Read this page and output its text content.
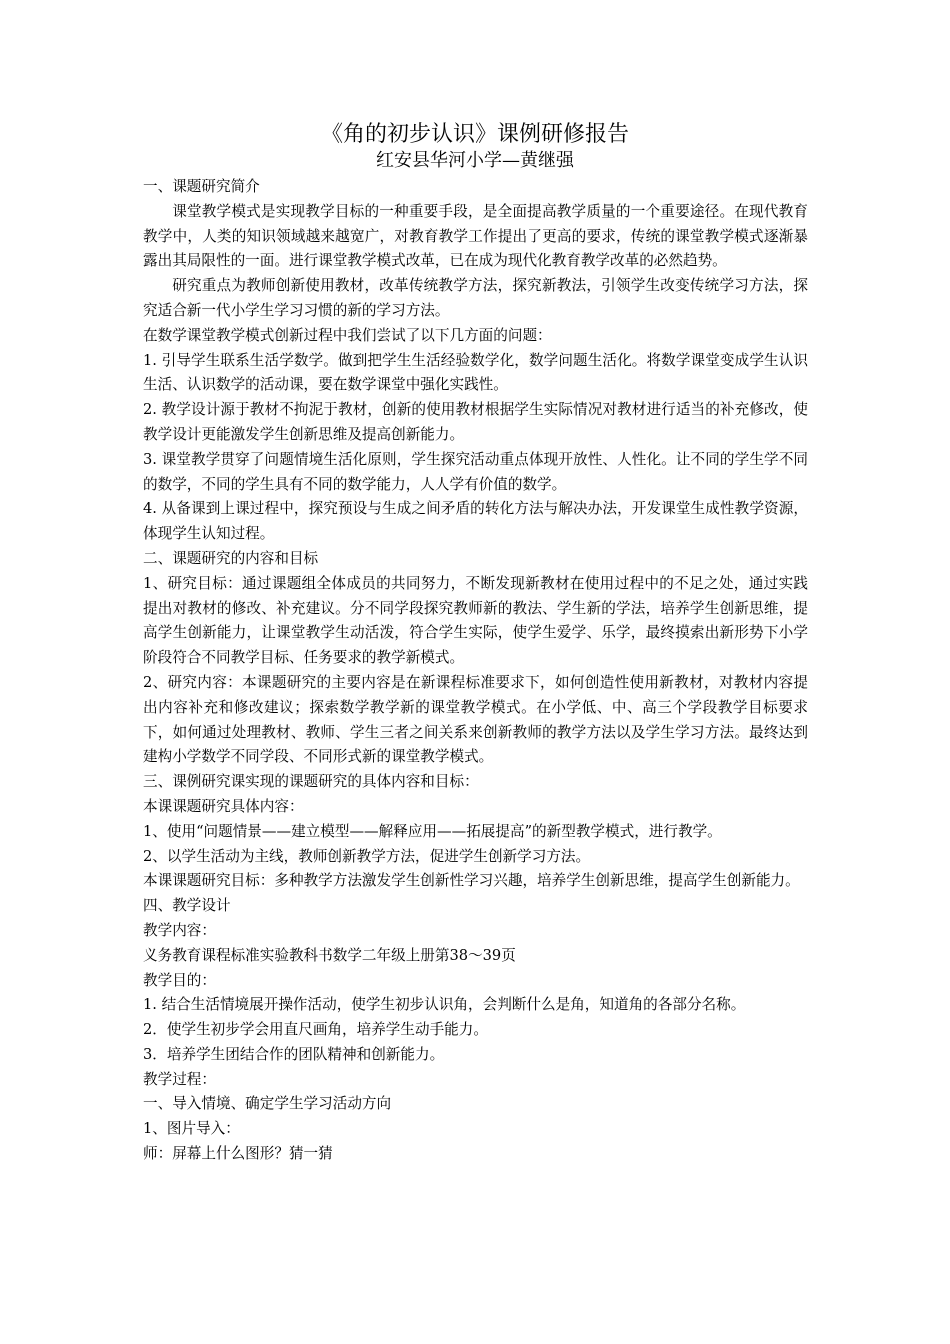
《角的初步认识》课例研修报告
红安县华河小学—黄继强

一、课题研究简介

课堂教学模式是实现教学目标的一种重要手段，是全面提高教学质量的一个重要途径。在现代教育教学中，人类的知识领域越来越宽广，对教育教学工作提出了更高的要求，传统的课堂教学模式逐渐暴露出其局限性的一面。进行课堂教学模式改革，已在成为现代化教育教学改革的必然趋势。

研究重点为教师创新使用教材，改革传统教学方法，探究新教法，引领学生改变传统学习方法，探究适合新一代小学生学习习惯的新的学习方法。

在数学课堂教学模式创新过程中我们尝试了以下几方面的问题：

1. 引导学生联系生活学数学。做到把学生生活经验数学化，数学问题生活化。将数学课堂变成学生认识生活、认识数学的活动课，要在数学课堂中强化实践性。

2. 教学设计源于教材不拘泥于教材，创新的使用教材根据学生实际情况对教材进行适当的补充修改，使教学设计更能激发学生创新思维及提高创新能力。

3. 课堂教学贯穿了问题情境生活化原则，学生探究活动重点体现开放性、人性化。让不同的学生学不同的数学，不同的学生具有不同的数学能力，人人学有价值的数学。

4. 从备课到上课过程中，探究预设与生成之间矛盾的转化方法与解决办法，开发课堂生成性教学资源，体现学生认知过程。

二、课题研究的内容和目标

1、研究目标：通过课题组全体成员的共同努力，不断发现新教材在使用过程中的不足之处，通过实践提出对教材的修改、补充建议。分不同学段探究教师新的教法、学生新的学法，培养学生创新思维，提高学生创新能力，让课堂教学生动活泼，符合学生实际，使学生爱学、乐学，最终摸索出新形势下小学阶段符合不同教学目标、任务要求的教学新模式。

2、研究内容：本课题研究的主要内容是在新课程标准要求下，如何创造性使用新教材，对教材内容提出内容补充和修改建议；探索数学教学新的课堂教学模式。在小学低、中、高三个学段教学目标要求下，如何通过处理教材、教师、学生三者之间关系来创新教师的教学方法以及学生学习方法。最终达到建构小学数学不同学段、不同形式新的课堂教学模式。

三、课例研究课实现的课题研究的具体内容和目标：

本课课题研究具体内容：

1、使用“问题情景——建立模型——解释应用——拓展提高”的新型教学模式，进行教学。

2、以学生活动为主线，教师创新教学方法，促进学生创新学习方法。

本课课题研究目标：多种教学方法激发学生创新性学习兴趣，培养学生创新思维，提高学生创新能力。

四、教学设计

教学内容：

义务教育课程标准实验教科书数学二年级上册第38～39页

教学目的：

1. 结合生活情境展开操作活动，使学生初步认识角，会判断什么是角，知道角的各部分名称。

2．使学生初步学会用直尺画角，培养学生动手能力。

3．培养学生团结合作的团队精神和创新能力。

教学过程：

一、导入情境、确定学生学习活动方向

1、图片导入：

师：屏幕上什么图形？猜一猜
